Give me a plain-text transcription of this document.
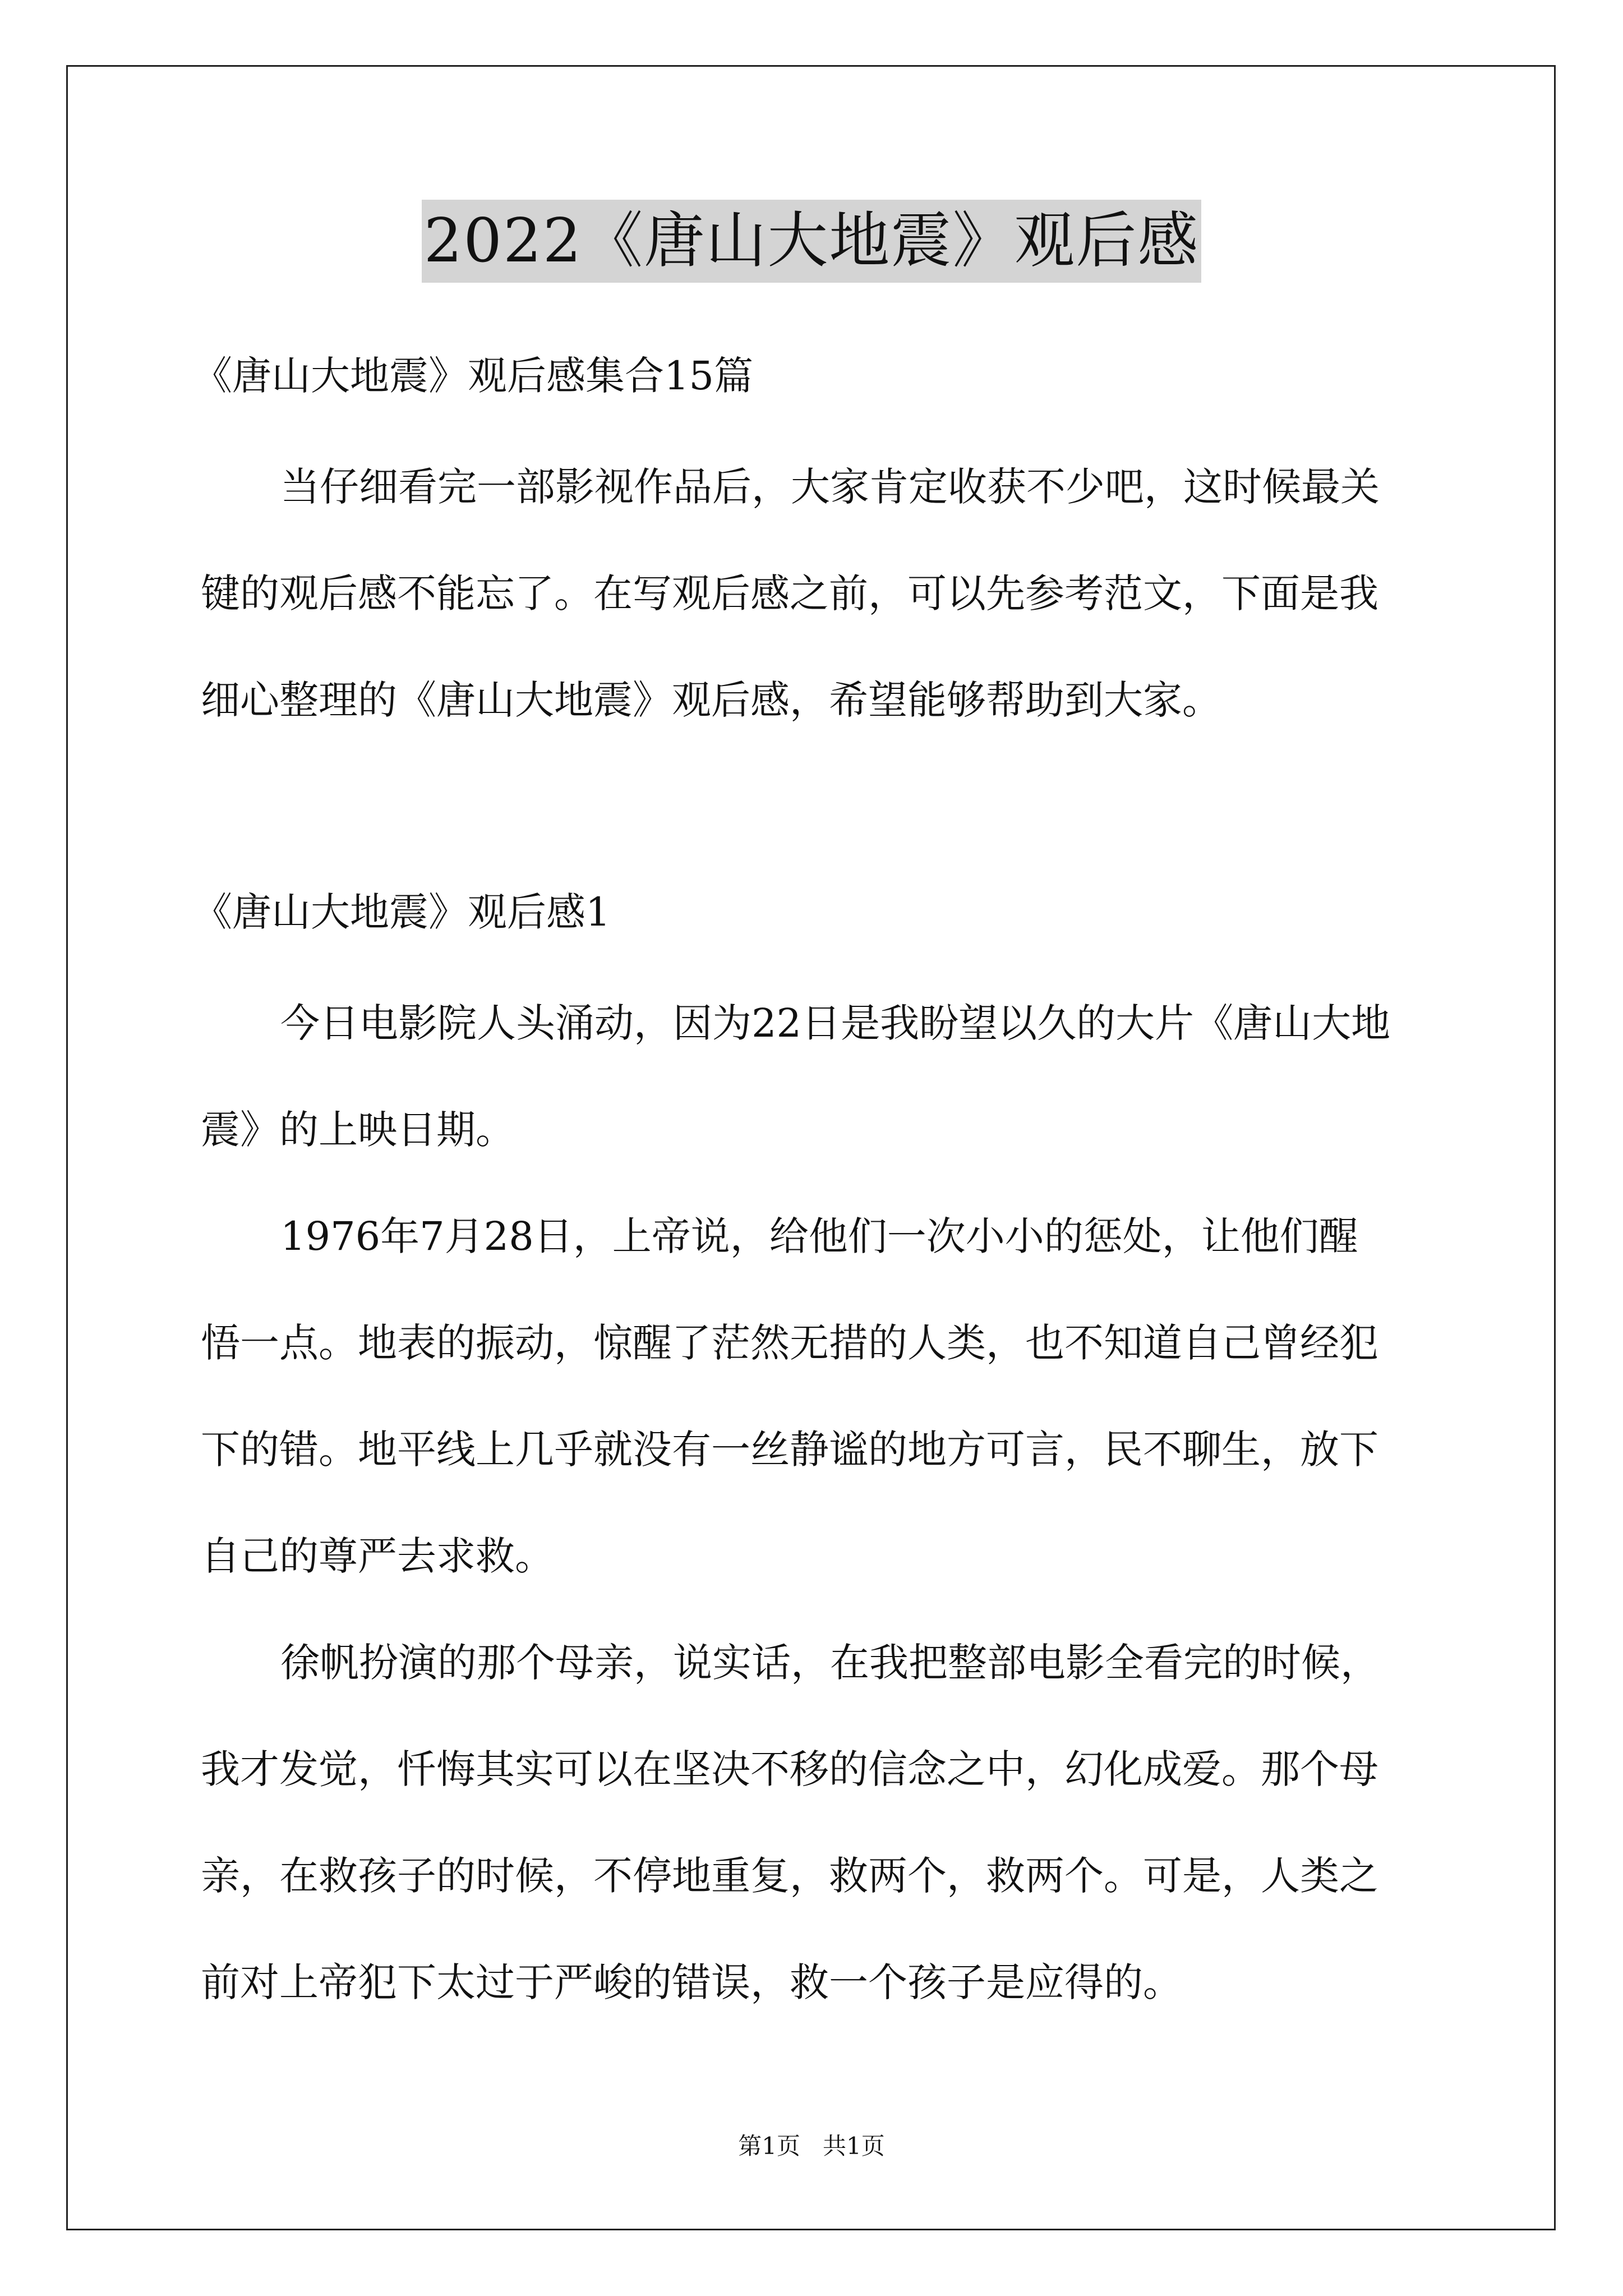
2022《唐山大地震》观后感
《唐山大地震》观后感集合15篇
当仔细看完一部影视作品后，大家肯定收获不少吧，这时候最关
键的观后感不能忘了。在写观后感之前，可以先参考范文，下面是我
细心整理的《唐山大地震》观后感，希望能够帮助到大家。
《唐山大地震》观后感1
今日电影院人头涌动，因为22日是我盼望以久的大片《唐山大地
震》的上映日期。
1976年7月28日，上帝说，给他们一次小小的惩处，让他们醒
悟一点。地表的振动，惊醒了茫然无措的人类，也不知道自己曾经犯
下的错。地平线上几乎就没有一丝静谧的地方可言，民不聊生，放下
自己的尊严去求救。
徐帆扮演的那个母亲，说实话，在我把整部电影全看完的时候，
我才发觉，忏悔其实可以在坚决不移的信念之中，幻化成爱。那个母
亲，在救孩子的时候，不停地重复，救两个，救两个。可是，人类之
前对上帝犯下太过于严峻的错误，救一个孩子是应得的。
第1页   共1页
